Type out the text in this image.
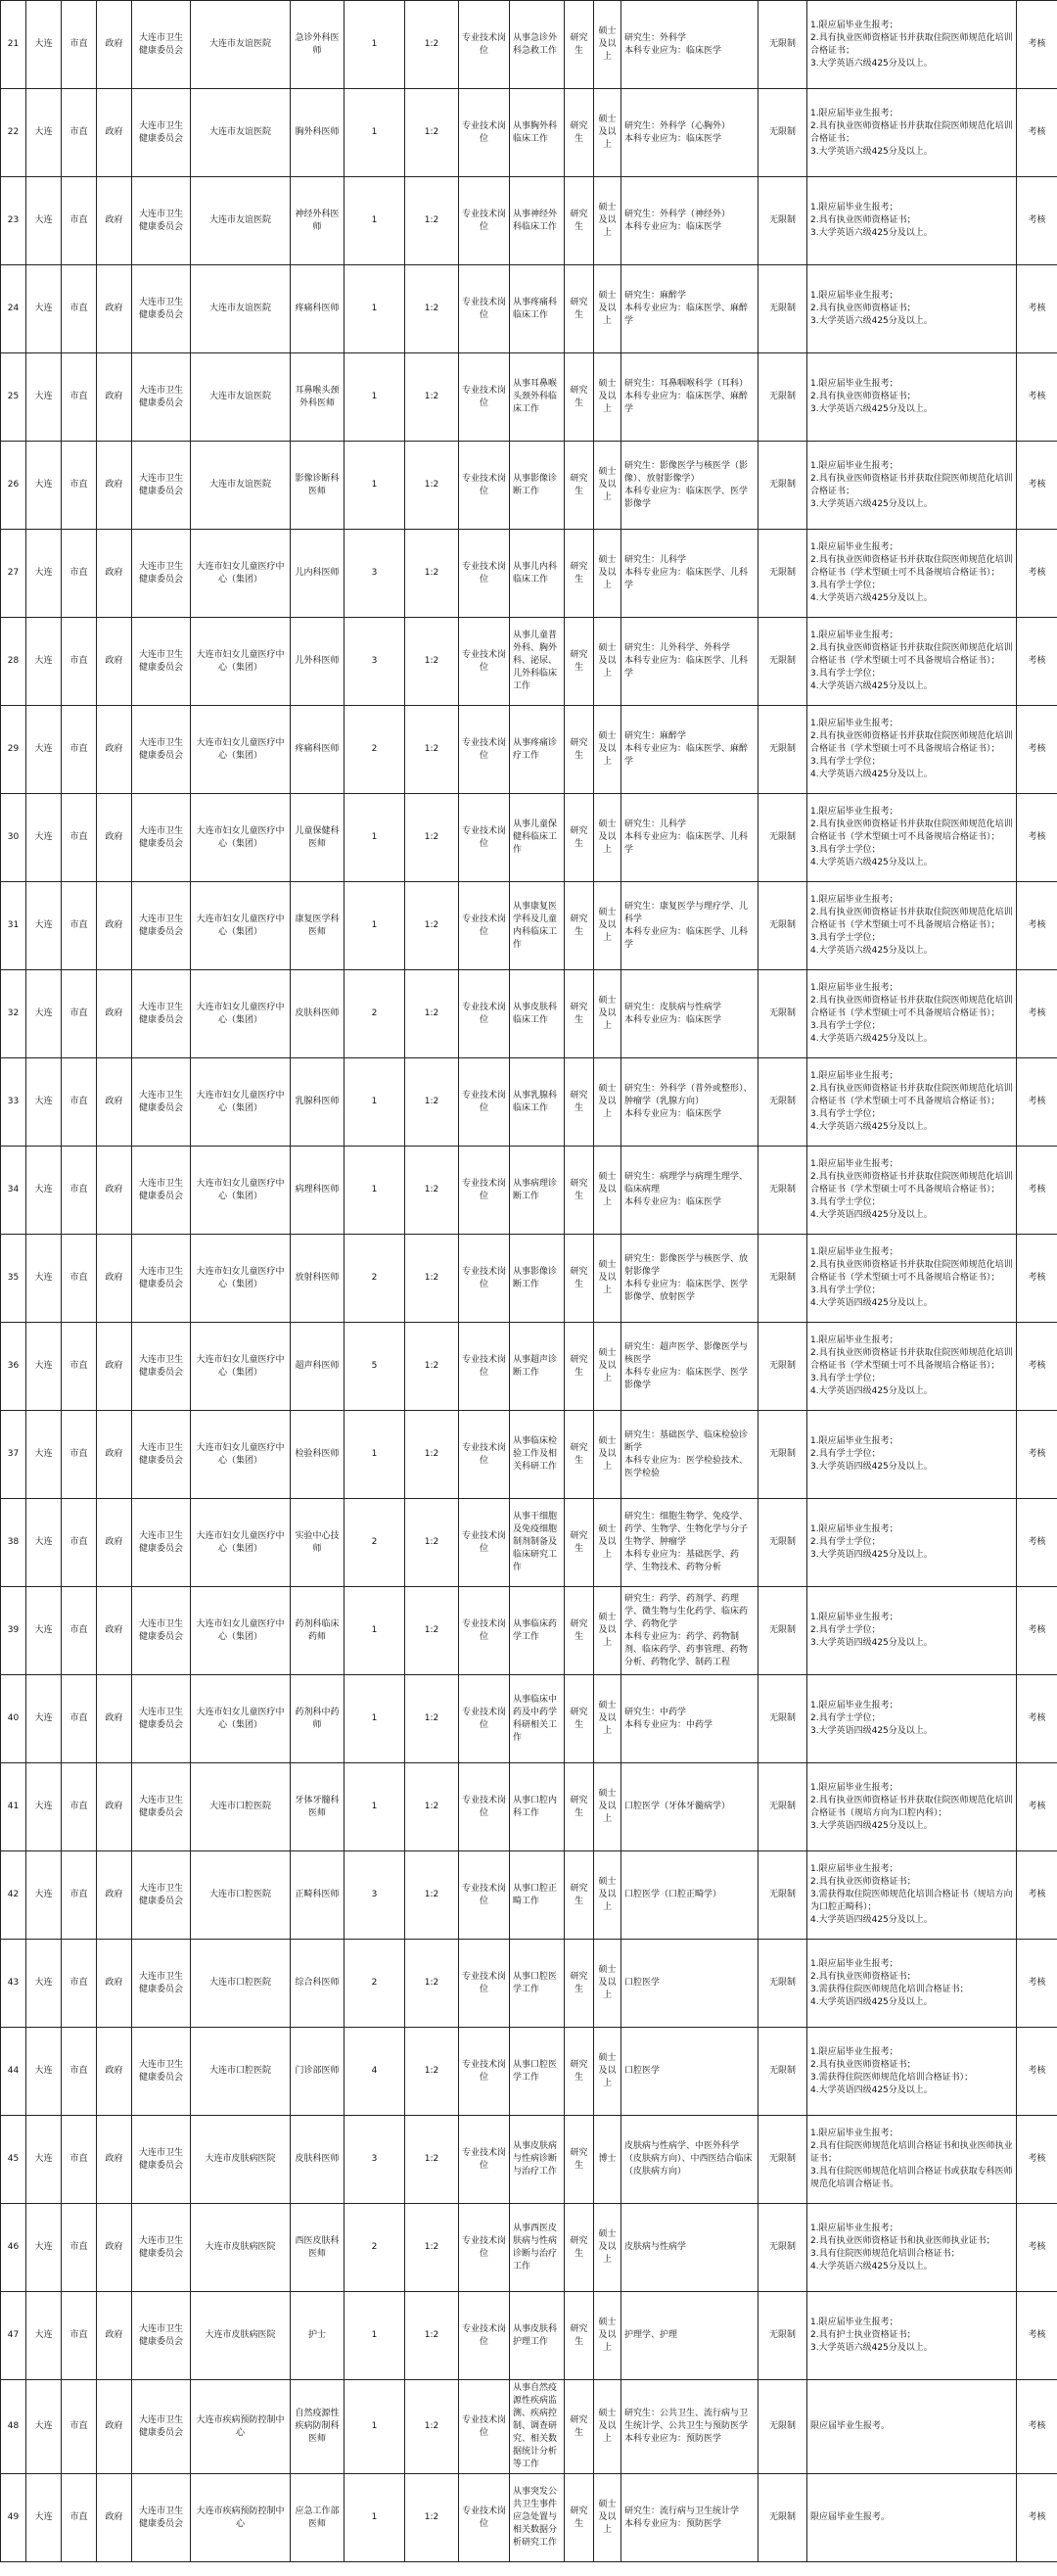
21	大连	市直	政府	大连市卫生健康委员会	大连市友谊医院	急诊外科医师	1	1:2	专业技术岗位	从事急诊外科急救工作	研究生	硕士及以上	研究生：外科学
本科专业应为：临床医学	无限制	1.限应届毕业生报考；
2.具有执业医师资格证书并获取住院医师规范化培训合格证书；
3.大学英语六级425分及以上。	考核
22	大连	市直	政府	大连市卫生健康委员会	大连市友谊医院	胸外科医师	1	1:2	专业技术岗位	从事胸外科临床工作	研究生	硕士及以上	研究生：外科学（心胸外）
本科专业应为：临床医学	无限制	1.限应届毕业生报考；
2.具有执业医师资格证书并获取住院医师规范化培训合格证书；
3.大学英语六级425分及以上。	考核
23	大连	市直	政府	大连市卫生健康委员会	大连市友谊医院	神经外科医师	1	1:2	专业技术岗位	从事神经外科临床工作	研究生	硕士及以上	研究生：外科学（神经外）
本科专业应为：临床医学	无限制	1.限应届毕业生报考；
2.具有执业医师资格证书；
3.大学英语六级425分及以上。	考核
24	大连	市直	政府	大连市卫生健康委员会	大连市友谊医院	疼痛科医师	1	1:2	专业技术岗位	从事疼痛科临床工作	研究生	硕士及以上	研究生：麻醉学
本科专业应为：临床医学、麻醉学	无限制	1.限应届毕业生报考；
2.具有执业医师资格证书；
3.大学英语六级425分及以上。	考核
25	大连	市直	政府	大连市卫生健康委员会	大连市友谊医院	耳鼻喉头颈外科医师	1	1:2	专业技术岗位	从事耳鼻喉头颈外科临床工作	研究生	硕士及以上	研究生：耳鼻咽喉科学（耳科）
本科专业应为：临床医学、麻醉学	无限制	1.限应届毕业生报考；
2.具有执业医师资格证书；
3.大学英语六级425分及以上。	考核
26	大连	市直	政府	大连市卫生健康委员会	大连市友谊医院	影像诊断科医师	1	1:2	专业技术岗位	从事影像诊断工作	研究生	硕士及以上	研究生：影像医学与核医学（影像）、放射影像学）
本科专业应为：临床医学、医学影像学	无限制	1.限应届毕业生报考；
2.具有执业医师资格证书并获取住院医师规范化培训合格证书；
3.大学英语六级425分及以上。	考核
27	大连	市直	政府	大连市卫生健康委员会	大连市妇女儿童医疗中心（集团）	儿内科医师	3	1:2	专业技术岗位	从事儿内科临床工作	研究生	硕士及以上	研究生：儿科学
本科专业应为：临床医学、儿科学	无限制	1.限应届毕业生报考；
2.具有执业医师资格证书并获取住院医师规范化培训合格证书（学术型硕士可不具备规培合格证书）；
3.具有学士学位；
4.大学英语六级425分及以上。	考核
28	大连	市直	政府	大连市卫生健康委员会	大连市妇女儿童医疗中心（集团）	儿外科医师	3	1:2	专业技术岗位	从事儿童普外科、胸外科、泌尿、儿外科临床工作	研究生	硕士及以上	研究生：儿外科学、外科学
本科专业应为：临床医学、儿科学	无限制	1.限应届毕业生报考；
2.具有执业医师资格证书并获取住院医师规范化培训合格证书（学术型硕士可不具备规培合格证书）；
3.具有学士学位；
4.大学英语六级425分及以上。	考核
29	大连	市直	政府	大连市卫生健康委员会	大连市妇女儿童医疗中心（集团）	疼痛科医师	2	1:2	专业技术岗位	从事疼痛诊疗工作	研究生	硕士及以上	研究生：麻醉学
本科专业应为：临床医学、麻醉学	无限制	1.限应届毕业生报考；
2.具有执业医师资格证书并获取住院医师规范化培训合格证书（学术型硕士可不具备规培合格证书）；
3.具有学士学位；
4.大学英语六级425分及以上。	考核
30	大连	市直	政府	大连市卫生健康委员会	大连市妇女儿童医疗中心（集团）	儿童保健科医师	1	1:2	专业技术岗位	从事儿童保健科临床工作	研究生	硕士及以上	研究生：儿科学
本科专业应为：临床医学、儿科学	无限制	1.限应届毕业生报考；
2.具有执业医师资格证书并获取住院医师规范化培训合格证书（学术型硕士可不具备规培合格证书）；
3.具有学士学位；
4.大学英语六级425分及以上。	考核
31	大连	市直	政府	大连市卫生健康委员会	大连市妇女儿童医疗中心（集团）	康复医学科医师	1	1:2	专业技术岗位	从事康复医学科及儿童内科临床工作	研究生	硕士及以上	研究生：康复医学与理疗学、儿科学
本科专业应为：临床医学、儿科学	无限制	1.限应届毕业生报考；
2.具有执业医师资格证书并获取住院医师规范化培训合格证书（学术型硕士可不具备规培合格证书）；
3.具有学士学位；
4.大学英语六级425分及以上。	考核
32	大连	市直	政府	大连市卫生健康委员会	大连市妇女儿童医疗中心（集团）	皮肤科医师	2	1:2	专业技术岗位	从事皮肤科临床工作	研究生	硕士及以上	研究生：皮肤病与性病学
本科专业应为：临床医学	无限制	1.限应届毕业生报考；
2.具有执业医师资格证书并获取住院医师规范化培训合格证书（学术型硕士可不具备规培合格证书）；
3.具有学士学位；
4.大学英语六级425分及以上。	考核
33	大连	市直	政府	大连市卫生健康委员会	大连市妇女儿童医疗中心（集团）	乳腺科医师	1	1:2	专业技术岗位	从事乳腺科临床工作	研究生	硕士及以上	研究生：外科学（普外或整形）、肿瘤学（乳腺方向）
本科专业应为：临床医学	无限制	1.限应届毕业生报考；
2.具有执业医师资格证书并获取住院医师规范化培训合格证书（学术型硕士可不具备规培合格证书）；
3.具有学士学位；
4.大学英语六级425分及以上。	考核
34	大连	市直	政府	大连市卫生健康委员会	大连市妇女儿童医疗中心（集团）	病理科医师	1	1:2	专业技术岗位	从事病理诊断工作	研究生	硕士及以上	研究生：病理学与病理生理学、临床病理
本科专业应为：临床医学	无限制	1.限应届毕业生报考；
2.具有执业医师资格证书并获取住院医师规范化培训合格证书（学术型硕士可不具备规培合格证书）；
3.具有学士学位；
4.大学英语四级425分及以上。	考核
35	大连	市直	政府	大连市卫生健康委员会	大连市妇女儿童医疗中心（集团）	放射科医师	2	1:2	专业技术岗位	从事影像诊断工作	研究生	硕士及以上	研究生：影像医学与核医学、放射影像学
本科专业应为：临床医学、医学影像学、放射医学	无限制	1.限应届毕业生报考；
2.具有执业医师资格证书并获取住院医师规范化培训合格证书（学术型硕士可不具备规培合格证书）；
3.具有学士学位；
4.大学英语四级425分及以上。	考核
36	大连	市直	政府	大连市卫生健康委员会	大连市妇女儿童医疗中心（集团）	超声科医师	5	1:2	专业技术岗位	从事超声诊断工作	研究生	硕士及以上	研究生：超声医学、影像医学与核医学
本科专业应为：临床医学、医学影像学	无限制	1.限应届毕业生报考；
2.具有执业医师资格证书并获取住院医师规范化培训合格证书（学术型硕士可不具备规培合格证书）；
3.具有学士学位；
4.大学英语四级425分及以上。	考核
37	大连	市直	政府	大连市卫生健康委员会	大连市妇女儿童医疗中心（集团）	检验科医师	1	1:2	专业技术岗位	从事临床检验工作及相关科研工作	研究生	硕士及以上	研究生：基础医学、临床检验诊断学
本科专业应为：医学检验技术、医学检验	无限制	1.限应届毕业生报考；
2.具有学士学位；
3.大学英语四级425分及以上。	考核
38	大连	市直	政府	大连市卫生健康委员会	大连市妇女儿童医疗中心（集团）	实验中心技师	2	1:2	专业技术岗位	从事干细胞及免疫细胞制剂制备及临床研究工作	研究生	硕士及以上	研究生：细胞生物学、免疫学、药学、生物学、生物化学与分子生物学、肿瘤学
本科专业应为：基础医学、药学、生物技术、药物分析	无限制	1.限应届毕业生报考；
2.具有学士学位；
3.大学英语四级425分及以上。	考核
39	大连	市直	政府	大连市卫生健康委员会	大连市妇女儿童医疗中心（集团）	药剂科临床药师	1	1:2	专业技术岗位	从事临床药学工作	研究生	硕士及以上	研究生：药学、药剂学、药理学、微生物与生化药学、临床药学、药物化学
本科专业应为：药学、药物制剂、临床药学、药事管理、药物分析、药物化学、制药工程	无限制	1.限应届毕业生报考；
2.具有学士学位；
3.大学英语四级425分及以上。	考核
40	大连	市直	政府	大连市卫生健康委员会	大连市妇女儿童医疗中心（集团）	药剂科中药师	1	1:2	专业技术岗位	从事临床中药及中药学科研相关工作	研究生	硕士及以上	研究生：中药学
本科专业应为：中药学	无限制	1.限应届毕业生报考；
2.具有学士学位；
3.大学英语四级425分及以上。	考核
41	大连	市直	政府	大连市卫生健康委员会	大连市口腔医院	牙体牙髓科医师	1	1:2	专业技术岗位	从事口腔内科工作	研究生	硕士及以上	口腔医学（牙体牙髓病学）	无限制	1.限应届毕业生报考；
2.具有执业医师资格证书并获取住院医师规范化培训合格证书（规培方向为口腔内科）；
3.大学英语四级425分及以上。	考核
42	大连	市直	政府	大连市卫生健康委员会	大连市口腔医院	正畸科医师	3	1:2	专业技术岗位	从事口腔正畸工作	研究生	硕士及以上	口腔医学（口腔正畸学）	无限制	1.限应届毕业生报考；
2.具有执业医师资格证书；
3.需获得取住院医师规范化培训合格证书（规培方向为口腔正畸科）；
4.大学英语四级425分及以上。	考核
43	大连	市直	政府	大连市卫生健康委员会	大连市口腔医院	综合科医师	2	1:2	专业技术岗位	从事口腔医学工作	研究生	硕士及以上	口腔医学	无限制	1.限应届毕业生报考；
2.具有执业医师资格证书；
3.需获得住院医师规范化培训合格证书；
4.大学英语四级425分及以上。	考核
44	大连	市直	政府	大连市卫生健康委员会	大连市口腔医院	门诊部医师	4	1:2	专业技术岗位	从事口腔医学工作	研究生	硕士及以上	口腔医学	无限制	1.限应届毕业生报考；
2.具有执业医师资格证书；
3.需获得住院医师规范化培训合格证书）；
4.大学英语四级425分及以上。	考核
45	大连	市直	政府	大连市卫生健康委员会	大连市皮肤病医院	皮肤科医师	3	1:2	专业技术岗位	从事皮肤病与性病诊断与治疗工作	研究生	博士	皮肤病与性病学、中医外科学（皮肤病方向）、中西医结合临床（皮肤病方向）	无限制	1.限应届毕业生报考；
2.具有住院医师规范化培训合格证书和执业医师执业证书；
3.具有住院医师规范化培训合格证书或获取专科医师规范化培训合格证书。	考核
46	大连	市直	政府	大连市卫生健康委员会	大连市皮肤病医院	西医皮肤科医师	2	1:2	专业技术岗位	从事西医皮肤病与性病诊断与治疗工作	研究生	硕士及以上	皮肤病与性病学	无限制	1.限应届毕业生报考；
2.具有执业医师资格证书和执业医师执业证书；
3.具有住院医师规范化培训合格证书；
4.大学英语六级425分及以上。	考核
47	大连	市直	政府	大连市卫生健康委员会	大连市皮肤病医院	护士	1	1:2	专业技术岗位	从事皮肤科护理工作	研究生	硕士及以上	护理学、护理	无限制	1.限应届毕业生报考；
2.具有护士执业资格证书；
3.大学英语六级425分及以上。	考核
48	大连	市直	政府	大连市卫生健康委员会	大连市疾病预防控制中心	自然疫源性疾病防制科医师	1	1:2	专业技术岗位	从事自然疫源性疾病监测、疾病控制、调查研究、相关数据统计分析等工作	研究生	硕士及以上	研究生：公共卫生、流行病与卫生统计学、公共卫生与预防医学
本科专业应为：预防医学	无限制	限应届毕业生报考。	考核
49	大连	市直	政府	大连市卫生健康委员会	大连市疾病预防控制中心	应急工作部医师	1	1:2	专业技术岗位	从事突发公共卫生事件应急处置与相关数据分析研究工作	研究生	硕士及以上	研究生：流行病与卫生统计学
本科专业应为：预防医学	无限制	限应届毕业生报考。	考核
